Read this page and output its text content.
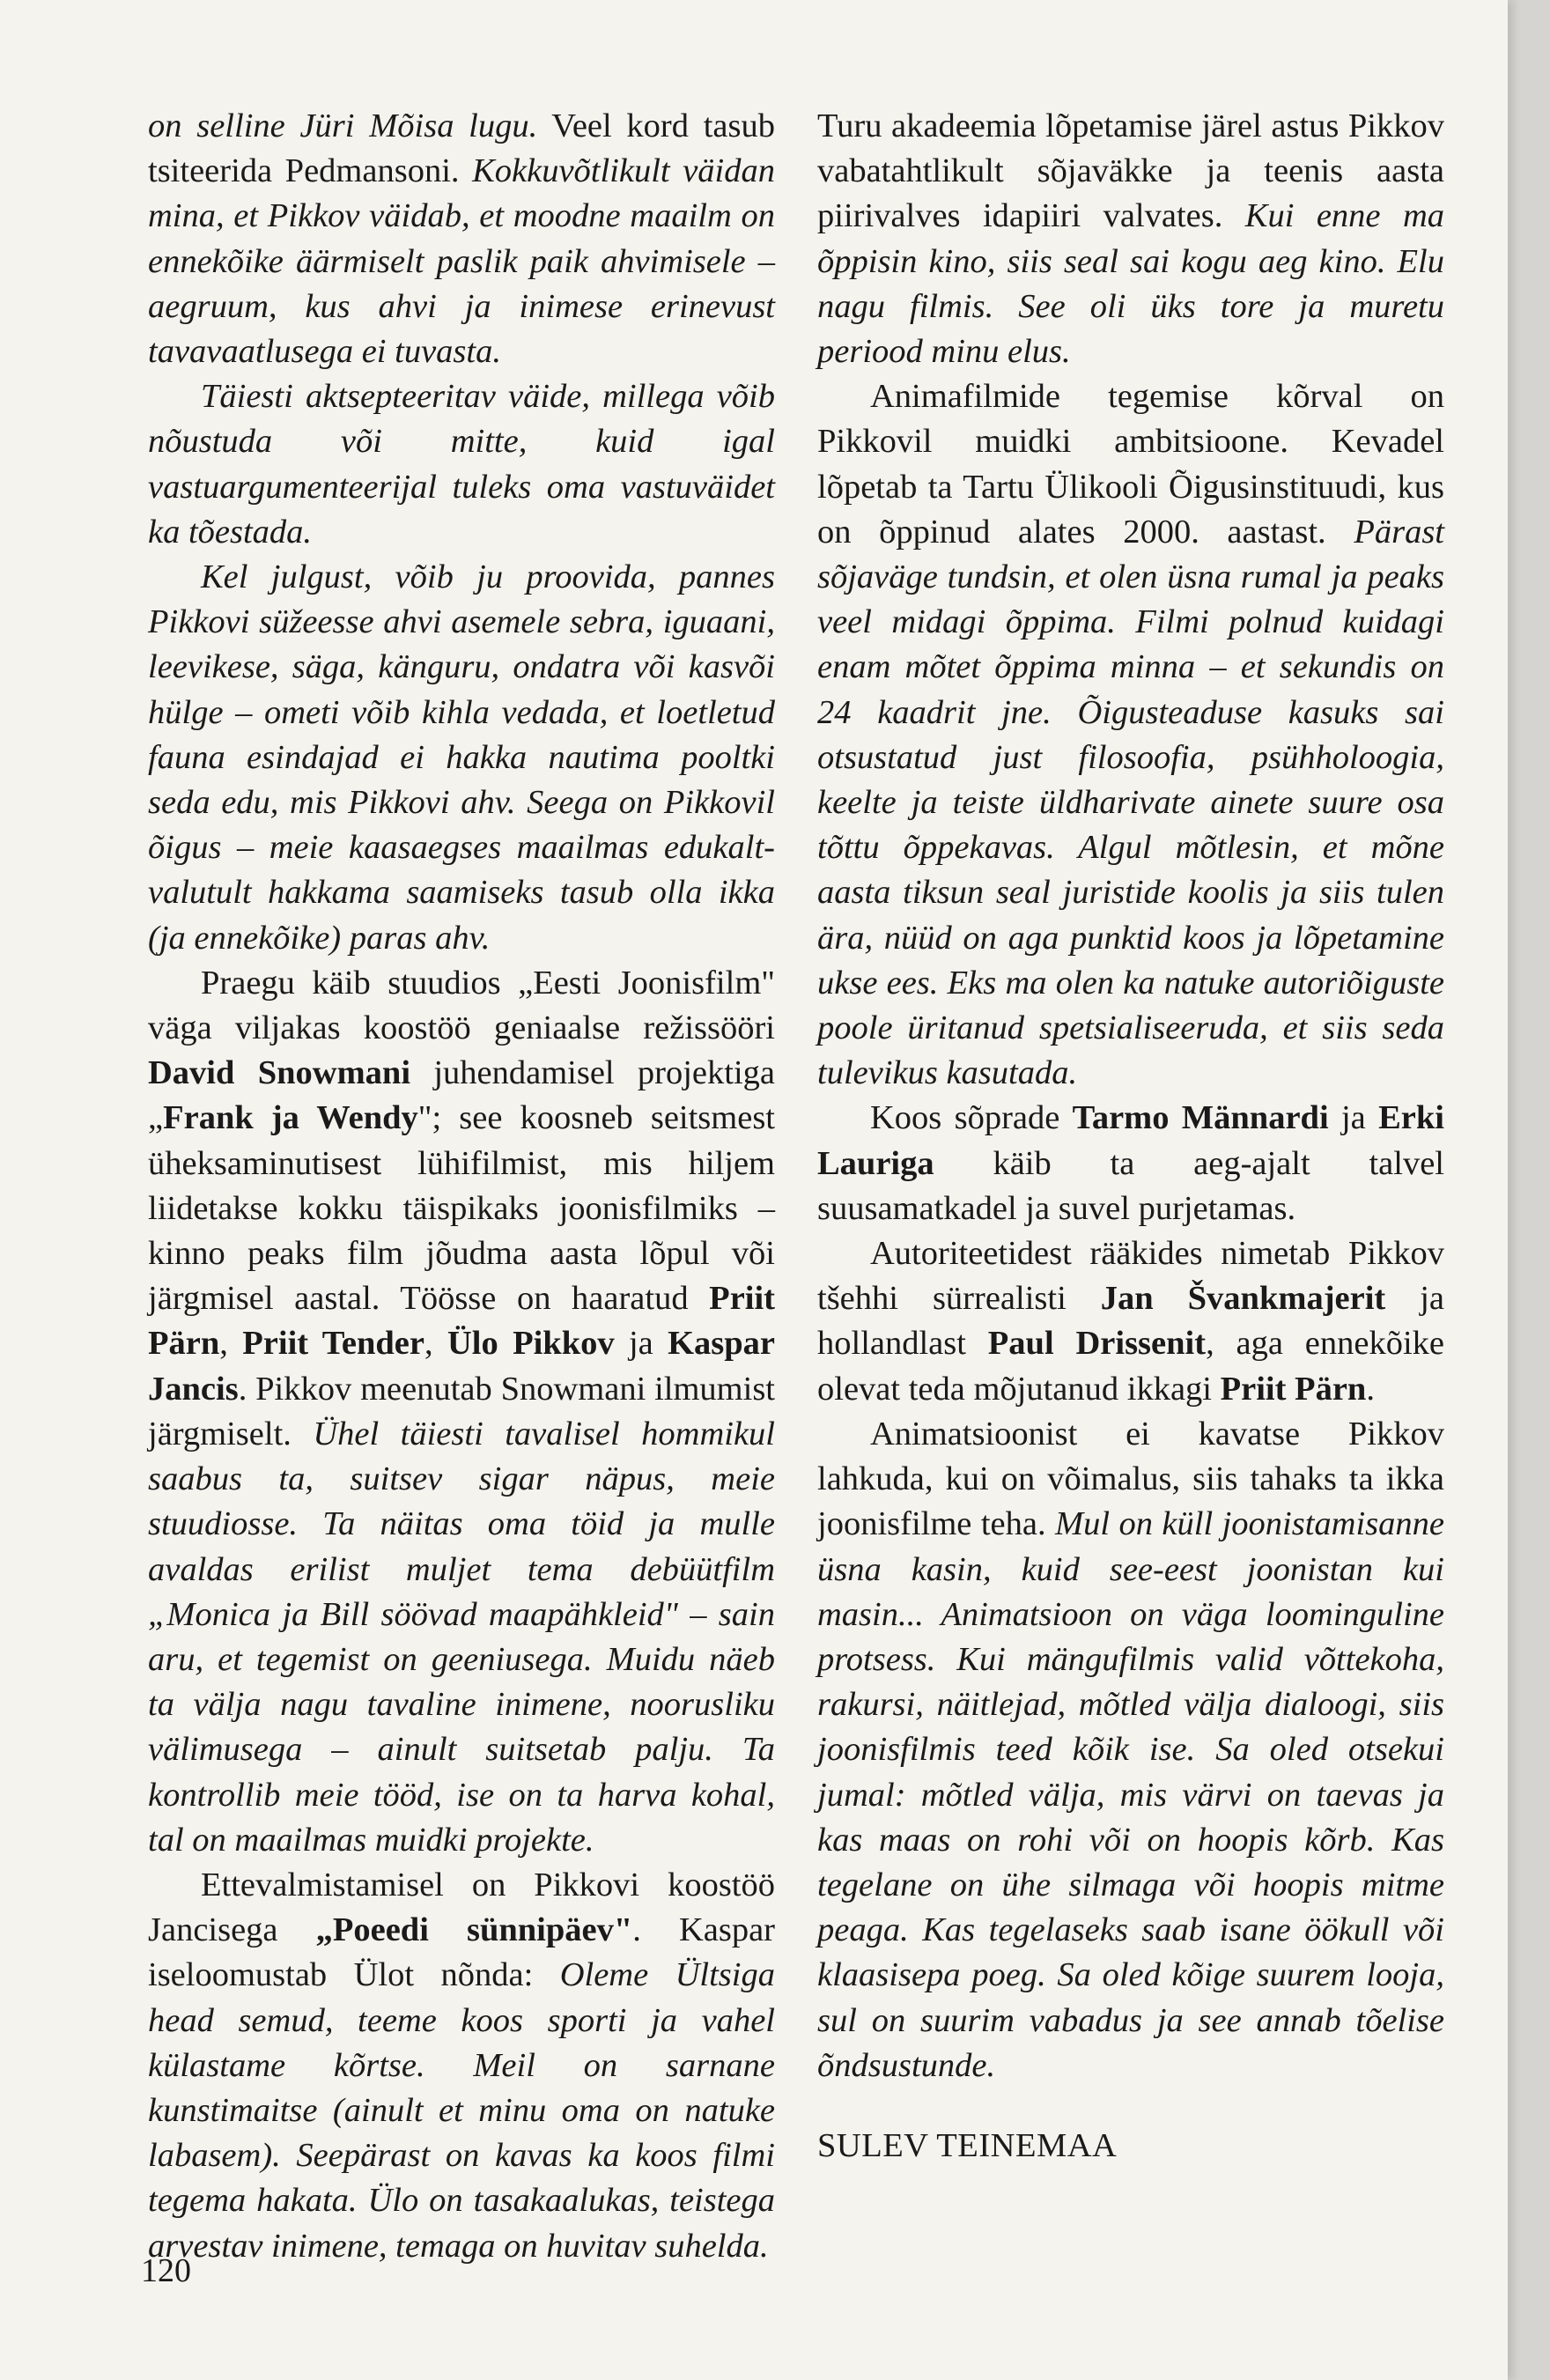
on selline Jüri Mõisa lugu. Veel kord tasub tsiteerida Pedmansoni. Kokkuvõtlikult väidan mina, et Pikkov väidab, et moodne maailm on ennekõike äärmiselt paslik paik ahvimisele – aegruum, kus ahvi ja inimese erinevust tavavaatlusega ei tuvasta.

Täiesti aktsepteeritav väide, millega võib nõustuda või mitte, kuid igal vastuargumenteerijal tuleks oma vastuväidet ka tõestada.

Kel julgust, võib ju proovida, pannes Pikkovi süžeesse ahvi asemele sebra, iguaani, leevikese, säga, känguru, ondatra või kasvõi hülge – ometi võib kihla vedada, et loetletud fauna esindajad ei hakka nautima pooltki seda edu, mis Pikkovi ahv. Seega on Pikkovil õigus – meie kaasaegses maailmas edukalt-valutult hakkama saamiseks tasub olla ikka (ja ennekõike) paras ahv.

Praegu käib stuudios „Eesti Joonisfilm" väga viljakas koostöö geniaalse režissööri David Snowmani juhendamisel projektiga „Frank ja Wendy"; see koosneb seitsmest üheksaminutisest lühifilmist, mis hiljem liidetakse kokku täispikaks joonisfilmiks – kinno peaks film jõudma aasta lõpul või järgmisel aastal. Töösse on haaratud Priit Pärn, Priit Tender, Ülo Pikkov ja Kaspar Jancis. Pikkov meenutab Snowmani ilmumist järgmiselt. Ühel täiesti tavalisel hommikul saabus ta, suitsev sigar näpus, meie stuudiosse. Ta näitas oma töid ja mulle avaldas erilist muljet tema debüütfilm „Monica ja Bill söövad maapähkleid" – sain aru, et tegemist on geeniusega. Muidu näeb ta välja nagu tavaline inimene, noorusliku välimusega – ainult suitsetab palju. Ta kontrollib meie tööd, ise on ta harva kohal, tal on maailmas muidki projekte.

Ettevalmistamisel on Pikkovi koostöö Jancisega „Poeedi sünnipäev". Kaspar iseloomustab Ülot nõnda: Oleme Ültsiga head semud, teeme koos sporti ja vahel külastame kõrtse. Meil on sarnane kunstimaitse (ainult et minu oma on natuke labasem). Seepärast on kavas ka koos filmi tegema hakata. Ülo on tasakaalukas, teistega arvestav inimene, temaga on huvitav suhelda.

Turu akadeemia lõpetamise järel astus Pikkov vabatahtlikult sõjaväkke ja teenis aasta piirivalves idapiiri valvates. Kui enne ma õppisin kino, siis seal sai kogu aeg kino. Elu nagu filmis. See oli üks tore ja muretu periood minu elus.

Animafilmide tegemise kõrval on Pikkovil muidki ambitsioone. Kevadel lõpetab ta Tartu Ülikooli Õigusinstituudi, kus on õppinud alates 2000. aastast. Pärast sõjaväge tundsin, et olen üsna rumal ja peaks veel midagi õppima. Filmi polnud kuidagi enam mõtet õppima minna – et sekundis on 24 kaadrit jne. Õigusteaduse kasuks sai otsustatud just filosoofia, psühholoogia, keelte ja teiste üldharivate ainete suure osa tõttu õppekavas. Algul mõtlesin, et mõne aasta tiksun seal juristide koolis ja siis tulen ära, nüüd on aga punktid koos ja lõpetamine ukse ees. Eks ma olen ka natuke autoriõiguste poole üritanud spetsialiseeruda, et siis seda tulevikus kasutada.

Koos sõprade Tarmo Männardi ja Erki Lauriga käib ta aeg-ajalt talvel suusamatkadel ja suvel purjetamas.

Autoriteetidest rääkides nimetab Pikkov tšehhi sürrealisti Jan Švankmajerit ja hollandlast Paul Drissenit, aga ennekõike olevat teda mõjutanud ikkagi Priit Pärn.

Animatsioonist ei kavatse Pikkov lahkuda, kui on võimalus, siis tahaks ta ikka joonisfilme teha. Mul on küll joonistamisanne üsna kasin, kuid see-eest joonistan kui masin... Animatsioon on väga loominguline protsess. Kui mängufilmis valid võttekoha, rakursi, näitlejad, mõtled välja dialoogi, siis joonisfilmis teed kõik ise. Sa oled otsekui jumal: mõtled välja, mis värvi on taevas ja kas maas on rohi või on hoopis kõrb. Kas tegelane on ühe silmaga või hoopis mitme peaga. Kas tegelaseks saab isane öökull või klaasisepa poeg. Sa oled kõige suurem looja, sul on suurim vabadus ja see annab tõelise õndsustunde.

SULEV TEINEMAA

120
